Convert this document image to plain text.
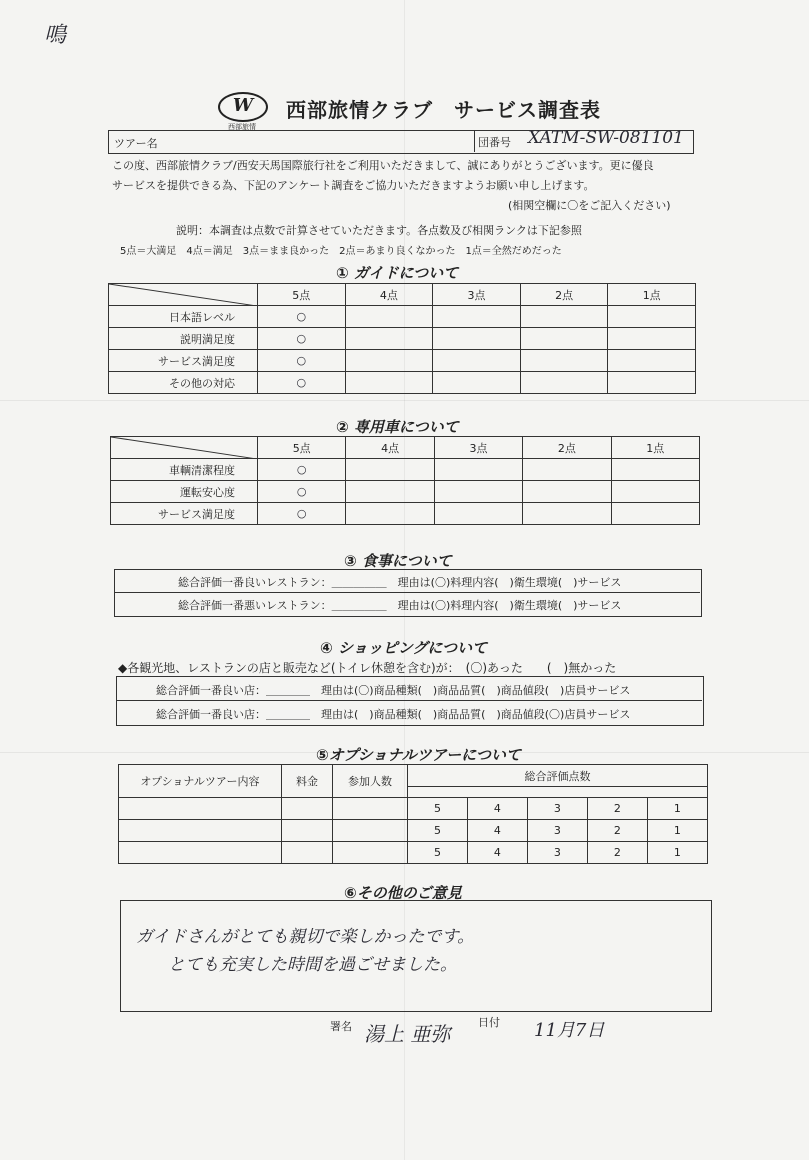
鳴
W
西部旅情
西部旅情クラブ　サービス調査表
ツアー名	団番号 XATM-SW-081101
この度、西部旅情クラブ/西安天馬国際旅行社をご利用いただきまして、誠にありがとうございます。更に優良
サービスを提供できる為、下記のアンケート調査をご協力いただきますようお願い申し上げます。
(相関空欄に〇をご記入ください)
説明：本調査は点数で計算させていただきます。各点数及び相関ランクは下記参照
5点＝大満足　4点＝満足　3点＝まま良かった　2点＝あまり良くなかった　1点＝全然だめだった
① ガイドについて
	5点	4点	3点	2点	1点
日本語レベル	○				
説明満足度	○				
サービス満足度	○				
その他の対応	○				
② 専用車について
	5点	4点	3点	2点	1点
車輌清潔程度	○				
運転安心度	○				
サービス満足度	○				
③ 食事について
総合評価一番良いレストラン：＿＿＿＿＿　理由は(〇)料理内容(　)衛生環境(　)サービス
総合評価一番悪いレストラン：＿＿＿＿＿　理由は(〇)料理内容(　)衛生環境(　)サービス
④ ショッピングについて
◆各観光地、レストランの店と販売など(トイレ休憩を含む)が：　(〇)あった　　(　)無かった
総合評価一番良い店：＿＿＿＿　理由は(〇)商品種類(　)商品品質(　)商品値段(　)店員サービス
総合評価一番良い店：＿＿＿＿　理由は(　)商品種類(　)商品品質(　)商品値段(〇)店員サービス
⑤オプショナルツアーについて
オプショナルツアー内容	料金	参加人数	総合評価点数				

			5	4	3	2	1
			5	4	3	2	1
			5	4	3	2	1
⑥その他のご意見
ガイドさんがとても親切で楽しかったです。
とても充実した時間を過ごせました。
署名 湯上 亜弥	日付 11月7日
